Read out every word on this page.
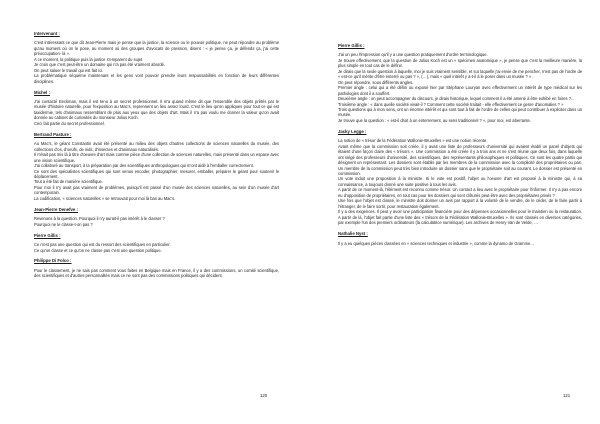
Intervenant :

C'est intéressant ce que dit Jean-Pierre mais je pense que la justice, la science ou le pouvoir politique, ne peut répondre au problème qu'au moment où on le pose, au moment où des groupes d'avocats de pression, disent : « je pense ça, je défends ça, j'ai cette préoccupation- là ».

A ce moment, la politique puis la justice s'emparent du sujet.

Je crois que c'est peut-être un domaine qui n'a pas été vraiment abordé.

On peut saluer le travail qui est fait ici.

La problématique séquème maintenant et les gens vont pouvoir prendre leurs responsabilités en fonction de leurs différentes disciplines.

Michel :

J'ai contacté Eeckman, mais il est tenu à un secret professionnel. Il m'a quand même dit que l'ensemble des objets prêtés par le musée d'histoire naturelle, pour l'exposition au Mac's, reprennent un lieu assez lourd. C'est le lieu qu'on appliques pour tout ce qui est taxidermie, tels d'animaux ressemblant de plus aux yeux que des objets d'art. Mais il n'a pas voulu me donner la valeur qu'on avait donnée au cabinet de curiosités du monsieur Julius Koch.

Ceci fait partie du secret professionnel.

Bertrand Pasture :

Au Mac's, le géant Constantin avait été présenté au milieu des objets d'autres collections de sciences naturelles du musée, des collections d'os, d'oeufs, de nids, d'insectes et d'animaux naturalisés.

Il n'était pas mis là à titre d'oeuvre d'art mais comme pièce d'une collection de sciences naturelles, mais présenté dans un espace avec une vision scientifique.

J'ai collaboré au transport, à la préparation par des scientifiques anthropologues qui m'ont aidé à l'emballer correctement.

Ce sont des spécialistes scientifiques qui sont venus encoder, photographier, mesurer, emballer, préparer le géant pour soutenir le déplacement.

Tout a été fait de manière scientifique.

Pour moi il n'y avait pas vraiment de problèmes, puisqu'il est passé d'un musée des sciences naturelles, au sein d'un musée d'art contemporain.

La codification, « sciences naturelles » se retrouvait pour moi là bas au Mac's.

Jean-Pierre Denefve :

Revenons à la question. Pourquoi il n'y aurait-il pas intérêt à le classer ?

Pourquoi ne le classe-t-on pas ?

Pierre Gillis :

Ce n'est pas une question qui est du ressort des scientifiques en particulier.

Ce qu'on classe et ce qu'on ne classe pas c'est une question politique.

Philippe Di Folco :

Pour le classement, je ne sais pas comment vous faites en Belgique mais en France, il y a des commissions, un comité scientifique, des scientifiques et d'autres personnalités mais ce ne sont pas des commissions politiques qui décident.

Pierre Gillis :

J'ai un peu l'impression qu'il y a une question pratiquement d'ordre terminologique.

Je trouve effectivement, que la question de Julius Koch est un « spécimen anatomique », je pense que c'est la meilleure manière, la plus simple en tout cas de le définir.

Je dirais que la seule question à laquelle, moi je suis vraiment sensible, et sur laquelle j'ai envie de me pencher, n'est pas de l'ordre de « est-ce qu'il mérite d'être enterré ou pas ? », (…), mais « quel intérêt y a-t-il à le poser dans un musée ? » .

On peut répondre, sous différents angles.

Premier angle : celui qui a été défini ou exposé hier par Stéphane Louryan avec effectivement un intérêt de type médical sur les pathologies dont il a souffert.

Deuxième angle : on peut accompagner du discours, je dirais historique, lequel comment il a été amené à être exhibé en foires ?...

Troisième angle : « dans quelle société vivait-il ? Comment cette société traitait - elle effectivement ce genre d'anomalies ? »

Trois questions qui à mon sens, ont un énorme intérêt et qui sont tout à fait de l'ordre de celles qui peut contribuer à expliciter dans un musée.

Je trouve que la question : « est-il droit à un enterrement, au sens traditionnel ? », pour moi, est aberrante.

Jacky Legge :

La notion de « trésor de la Fédération Wallonie-Bruxelles » est une notion récente.

Avant même que la commission soit créée, il y avait une liste de professeurs d'université qui avaient établi un panel d'objets qui étaient d'une façon claire des « trésors ». Une commission a été créée il y a trois ans et ne s'est réunie que deux fois, dans laquelle ont siégé des professeurs d'université, des scientifiques, des représentants philosophiques et politiques. Ce sont les quatre partis qui désignent un représentant. Les dossiers sont établis par les membres de la commission avec la complicité des propriétaires ou pas. Un membre de la commission peut très bien introduire un dossier sans que le propriétaire soit au courant. Le dossier est présenté en commission.

Un vote induit une proposition à la ministre. Si le vote est positif, l'objet ou l'oeuvre d'art est proposé à la ministre qui, à sa connaissance, a toujours donné une suite positive à tous les avis.

A partir de ce moment-là, l'élément est reconnu comme trésor. Un contact a lieu avec le propriétaire pour l'informer. Il n'y a pas encore eu d'opposition de propriétaires, en tout cas pour les dossiers qui sont clôturés peut-être avec des propriétaires privés ?

Une fois que l'objet est classé, le ministre doit donner un avis par rapport à la volonté de le vendre, de le céder, de le faire partir à l'étranger, de le faire sortir, pour restauration également.

Il y a des exigences. Il peut y avoir une participation financière pour des dépenses occasionnelles pour le maintien ou la restauration. A partir de là, l'objet fait partie d'une liste des « trésors de la Fédération Wallonie-Bruxelles ». Ils sont classés en diverses catégories, par exemple l'un des premiers ordinateurs (la calculatrice numérique). Les archives de Henry Van de Velde, …

Nathalie Nyst :

Il y a eu quelques pièces classées en « sciences techniques et industrie », comme la dynamo de Gramme…

120	121
